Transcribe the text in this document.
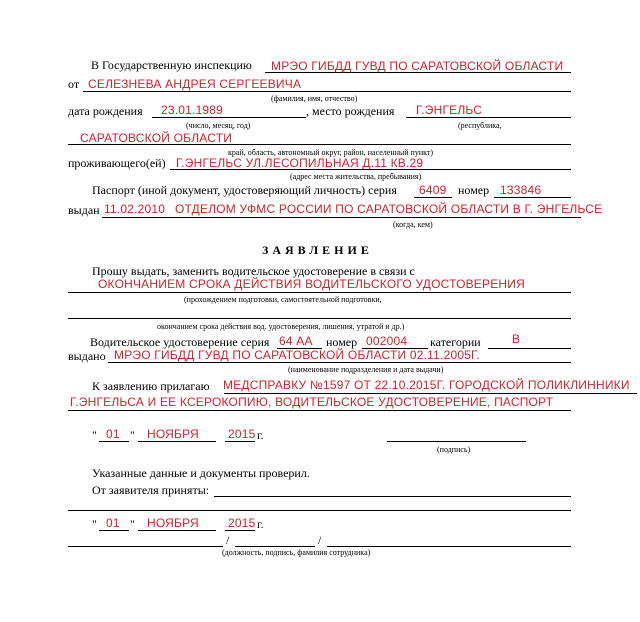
В Государственную инспекцию МРЭО ГИБДД ГУВД ПО САРАТОВСКОЙ ОБЛАСТИ
от СЕЛЕЗНЕВА АНДРЕЯ СЕРГЕЕВИЧА
(фамилия, имя, отчество)
дата рождения 23.01.1989	, место рождения Г.ЭНГЕЛЬС
(число, месяц, год)	(республика,
САРАТОВСКОЙ ОБЛАСТИ
край, область, автономный округ, район, населенный пункт)
проживающего(ей) Г.ЭНГЕЛЬС УЛ.ЛЕСОПИЛЬНАЯ Д.11 КВ.29
(адрес места жительства, пребывания)
Паспорт (иной документ, удостоверяющий личность) серия 6409 номер 133846
выдан 11.02.2010 ОТДЕЛОМ УФМС РОССИИ ПО САРАТОВСКОЙ ОБЛАСТИ В Г. ЭНГЕЛЬСЕ
(когда, кем)
ЗАЯВЛЕНИЕ
Прошу выдать, заменить водительское удостоверение в связи с
ОКОНЧАНИЕМ СРОКА ДЕЙСТВИЯ ВОДИТЕЛЬСКОГО УДОСТОВЕРЕНИЯ
(прохождением подготовки, самостоятельной подготовки,
окончанием срока действия вод. удостоверения, лишения, утратой и др.)
Водительское удостоверение серия 64 АА номер 002004 категории	В
выдано МРЭО ГИБДД ГУВД ПО САРАТОВСКОЙ ОБЛАСТИ 02.11.2005Г.
(наименование подразделения и дата выдачи)
К заявлению прилагаю МЕДСПРАВКУ №1597 ОТ 22.10.2015Г. ГОРОДСКОЙ ПОЛИКЛИННИКИ
Г.ЭНГЕЛЬСА И ЕЕ КСЕРОКОПИЮ, ВОДИТЕЛЬСКОЕ УДОСТОВЕРЕНИЕ, ПАСПОРТ
" 01 " НОЯБРЯ 2015 г.
(подпись)
Указанные данные и документы проверил.
От заявителя приняты:
" 01 " НОЯБРЯ 2015 г.
/	/
(должность, подпись, фамилия сотрудника)
